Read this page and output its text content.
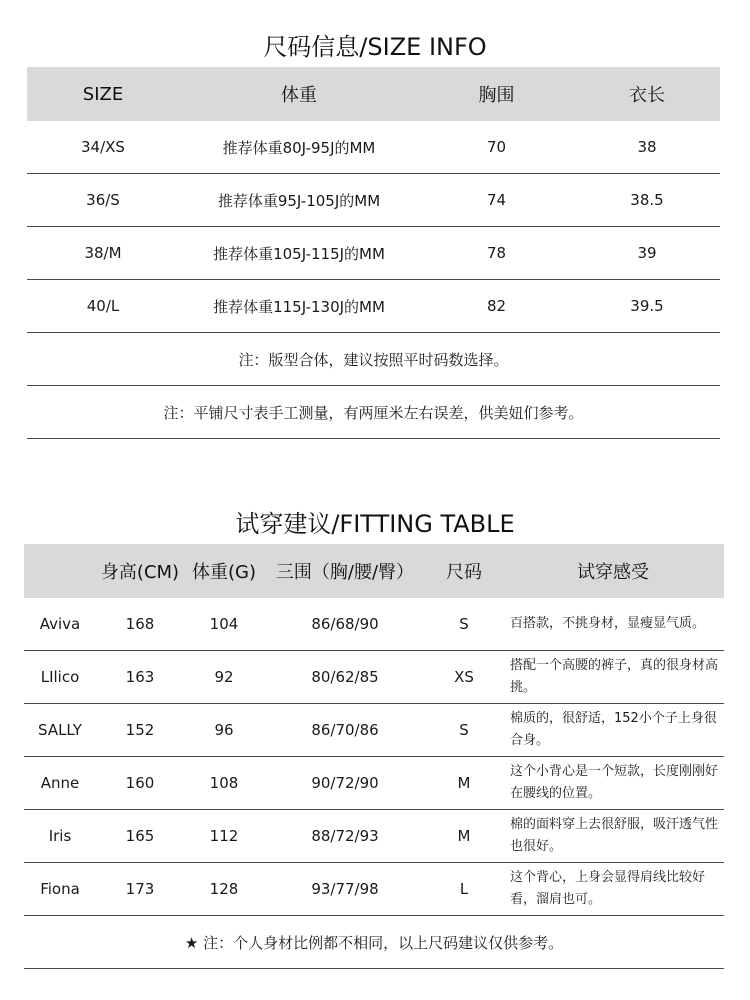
尺码信息/SIZE INFO
SIZE	体重	胸围	衣长
34/XS	推荐体重80J-95J的MM	70	38
36/S	推荐体重95J-105J的MM	74	38.5
38/M	推荐体重105J-115J的MM	78	39
40/L	推荐体重115J-130J的MM	82	39.5
注：版型合体，建议按照平时码数选择。			
注：平铺尺寸表手工测量，有两厘米左右误差，供美妞们参考。			
试穿建议/FITTING TABLE
	身高(CM)	体重(G)	三围（胸/腰/臀）	尺码	试穿感受
Aviva	168	104	86/68/90	S	百搭款，不挑身材，显瘦显气质。
LIlico	163	92	80/62/85	XS	搭配一个高腰的裤子，真的很身材高挑。
SALLY	152	96	86/70/86	S	棉质的，很舒适，152小个子上身很合身。
Anne	160	108	90/72/90	M	这个小背心是一个短款，长度刚刚好在腰线的位置。
Iris	165	112	88/72/93	M	棉的面料穿上去很舒服，吸汗透气性也很好。
Fiona	173	128	93/77/98	L	这个背心，上身会显得肩线比较好看，溜肩也可。
★ 注：个人身材比例都不相同，以上尺码建议仅供参考。					
